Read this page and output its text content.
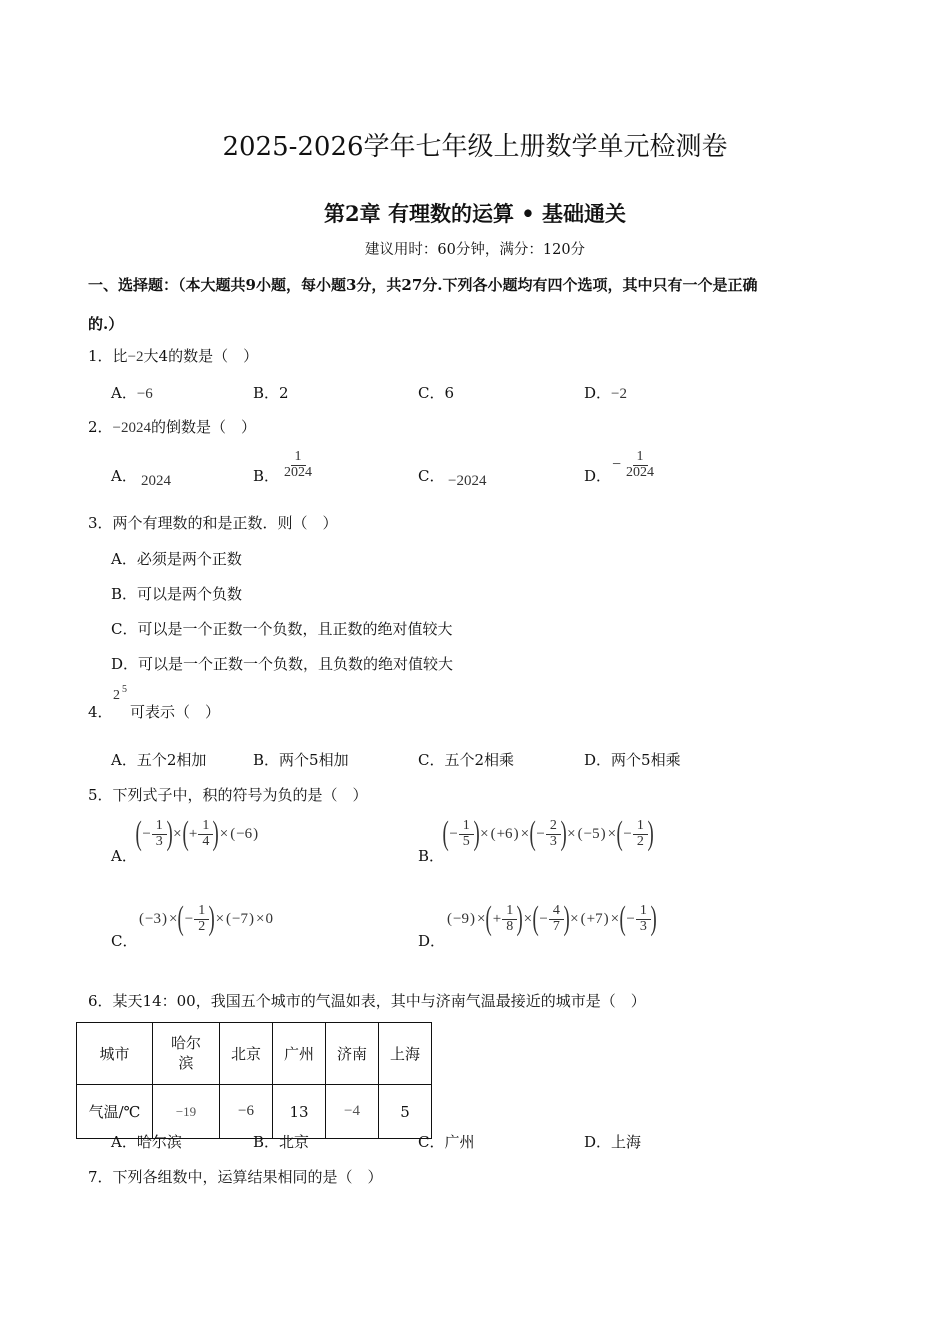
2025-2026学年七年级上册数学单元检测卷
第2章 有理数的运算 • 基础通关
建议用时：60分钟，满分：120分
一、选择题：（本大题共9小题，每小题3分，共27分.下列各小题均有四个选项，其中只有一个是正确
的.）
1．比−2大4的数是（　）
A．−6	B．2	C．6	D．−2
2．−2024的倒数是（　）
A． 2024	B． $\frac{1}{2024}$	C． −2024	D．
− $\frac{1}{2024}$
3．两个有理数的和是正数．则（　）
A．必须是两个正数
B．可以是两个负数
C．可以是一个正数一个负数，且正数的绝对值较大
D．可以是一个正数一个负数，且负数的绝对值较大
4．
2 5
可表示（　）
A．五个2相加	B．两个5相加	C．五个2相乘	D．两个5相乘
5．下列式子中，积的符号为负的是（　）
A．
( − $\frac{1}{3}$ ) × ( + $\frac{1}{4}$ ) × ( −6 )
B．
( − $\frac{1}{5}$ ) × ( +6 ) × ( − $\frac{2}{3}$ ) × ( −5 ) × ( − $\frac{1}{2}$ )
C．
( −3 ) × ( − $\frac{1}{2}$ ) × ( −7 ) × 0
D．
( −9 ) × ( + $\frac{1}{8}$ ) × ( − $\frac{4}{7}$ ) × ( +7 ) × ( − $\frac{1}{3}$ )
6．某天14：00，我国五个城市的气温如表，其中与济南气温最接近的城市是（　）
城市	哈尔滨	北京	广州	济南	上海
气温/℃	−19	−6	13	−4	5
A．哈尔滨	B．北京	C．广州	D．上海
7．下列各组数中，运算结果相同的是（　）
